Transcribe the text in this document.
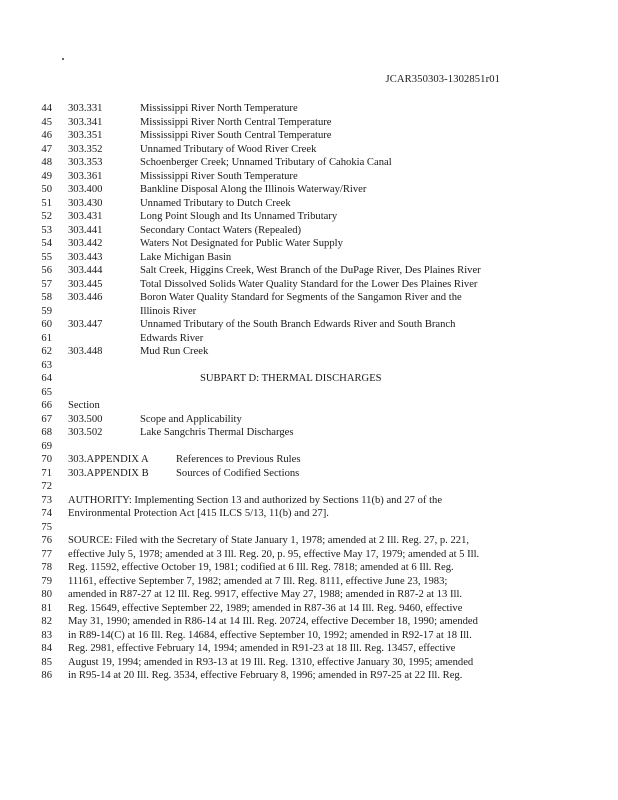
JCAR350303-1302851r01
44 303.331	Mississippi River North Temperature
45 303.341	Mississippi River North Central Temperature
46 303.351	Mississippi River South Central Temperature
47 303.352	Unnamed Tributary of Wood River Creek
48 303.353	Schoenberger Creek; Unnamed Tributary of Cahokia Canal
49 303.361	Mississippi River South Temperature
50 303.400	Bankline Disposal Along the Illinois Waterway/River
51 303.430	Unnamed Tributary to Dutch Creek
52 303.431	Long Point Slough and Its Unnamed Tributary
53 303.441	Secondary Contact Waters (Repealed)
54 303.442	Waters Not Designated for Public Water Supply
55 303.443	Lake Michigan Basin
56 303.444	Salt Creek, Higgins Creek, West Branch of the DuPage River, Des Plaines River
57 303.445	Total Dissolved Solids Water Quality Standard for the Lower Des Plaines River
58 303.446	Boron Water Quality Standard for Segments of the Sangamon River and the
59	Illinois River
60 303.447	Unnamed Tributary of the South Branch Edwards River and South Branch
61	Edwards River
62 303.448	Mud Run Creek
63
64	SUBPART D: THERMAL DISCHARGES
65
66 Section
67 303.500	Scope and Applicability
68 303.502	Lake Sangchris Thermal Discharges
69
70 303.APPENDIX A	References to Previous Rules
71 303.APPENDIX B	Sources of Codified Sections
72
73 AUTHORITY: Implementing Section 13 and authorized by Sections 11(b) and 27 of the
74 Environmental Protection Act [415 ILCS 5/13, 11(b) and 27].
75
76 SOURCE: Filed with the Secretary of State January 1, 1978; amended at 2 Ill. Reg. 27, p. 221,
77 effective July 5, 1978; amended at 3 Ill. Reg. 20, p. 95, effective May 17, 1979; amended at 5 Ill.
78 Reg. 11592, effective October 19, 1981; codified at 6 Ill. Reg. 7818; amended at 6 Ill. Reg.
79 11161, effective September 7, 1982; amended at 7 Ill. Reg. 8111, effective June 23, 1983;
80 amended in R87-27 at 12 Ill. Reg. 9917, effective May 27, 1988; amended in R87-2 at 13 Ill.
81 Reg. 15649, effective September 22, 1989; amended in R87-36 at 14 Ill. Reg. 9460, effective
82 May 31, 1990; amended in R86-14 at 14 Ill. Reg. 20724, effective December 18, 1990; amended
83 in R89-14(C) at 16 Ill. Reg. 14684, effective September 10, 1992; amended in R92-17 at 18 Ill.
84 Reg. 2981, effective February 14, 1994; amended in R91-23 at 18 Ill. Reg. 13457, effective
85 August 19, 1994; amended in R93-13 at 19 Ill. Reg. 1310, effective January 30, 1995; amended
86 in R95-14 at 20 Ill. Reg. 3534, effective February 8, 1996; amended in R97-25 at 22 Ill. Reg.
